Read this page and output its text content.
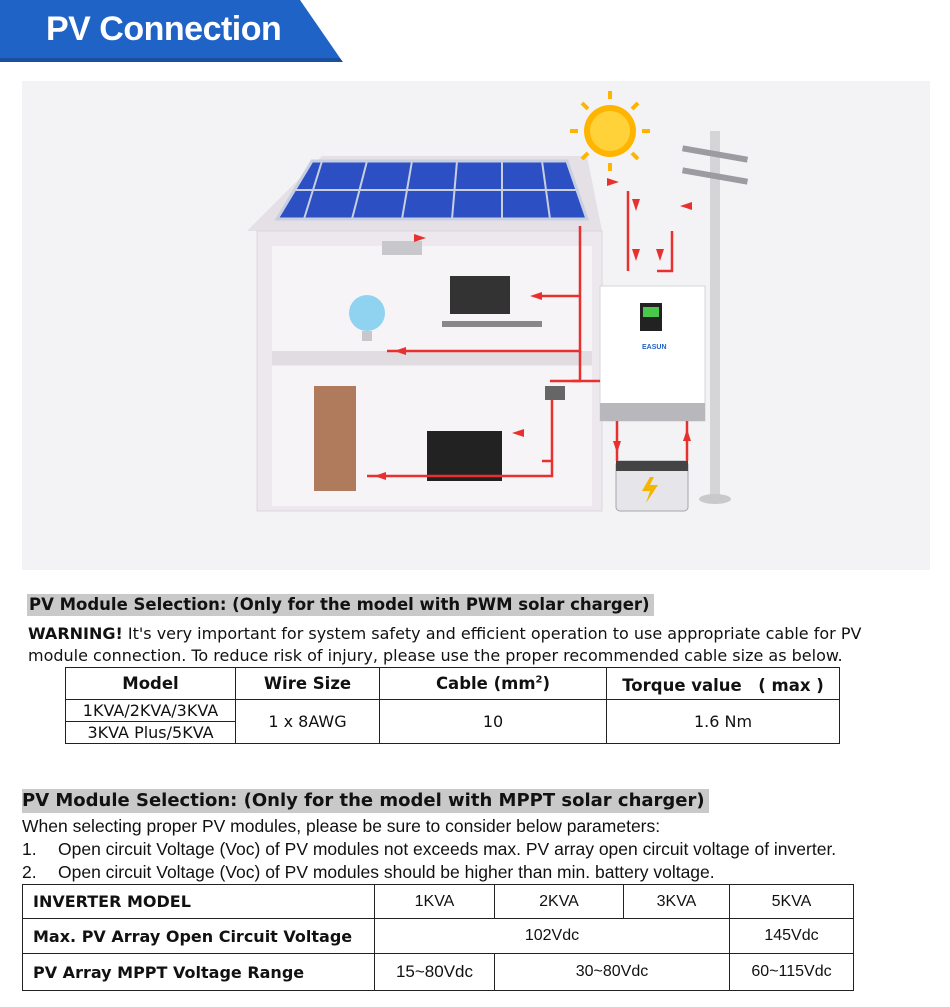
PV Connection
EASUN
PV Module Selection: (Only for the model with PWM solar charger)
WARNING! It's very important for system safety and efficient operation to use appropriate cable for PV
module connection. To reduce risk of injury, please use the proper recommended cable size as below.
Model	Wire Size	Cable $(mm^2)$	Torque value　( max )
1KVA/2KVA/3KVA	1 x 8AWG	10	1.6 Nm
3KVA Plus/5KVA			
PV Module Selection: (Only for the model with MPPT solar charger)
When selecting proper PV modules, please be sure to consider below parameters:
1. Open circuit Voltage (Voc) of PV modules not exceeds max. PV array open circuit voltage of inverter.
2. Open circuit Voltage (Voc) of PV modules should be higher than min. battery voltage.
INVERTER MODEL	1KVA	2KVA	3KVA	5KVA
Max. PV Array Open Circuit Voltage	102Vdc			145Vdc
PV Array MPPT Voltage Range	15~80Vdc	30~80Vdc		60~115Vdc
